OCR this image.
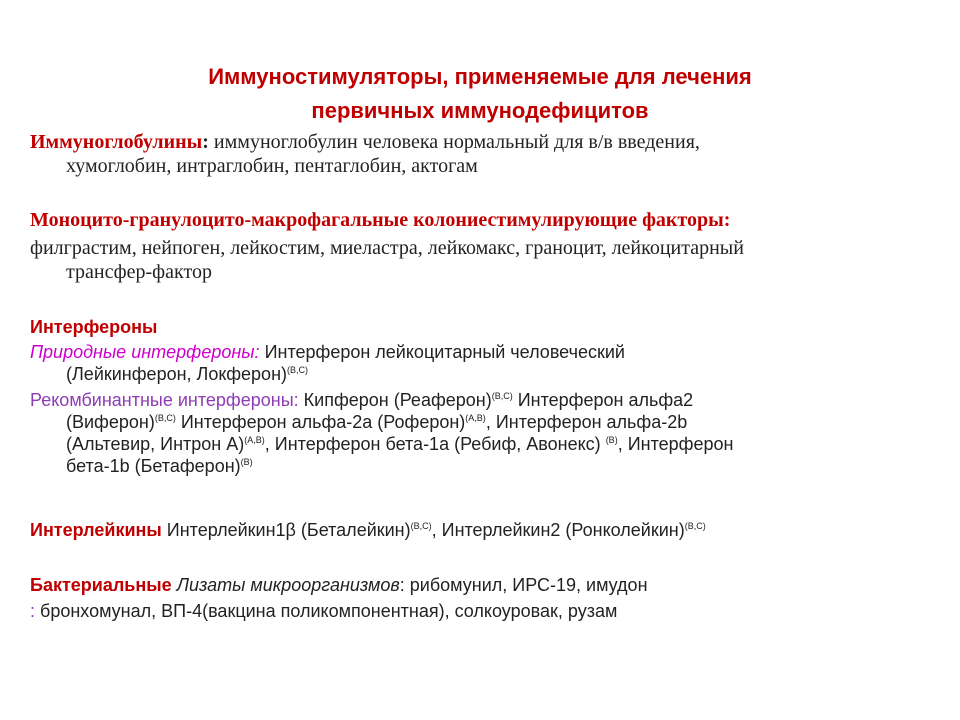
Иммуностимуляторы, применяемые для лечения
первичных иммунодефицитов
Иммуноглобулины: иммуноглобулин человека нормальный для в/в введения,
хумоглобин, интраглобин, пентаглобин, актогам
Моноцито-гранулоцито-макрофагальные колониестимулирующие факторы:
филграстим, нейпоген, лейкостим, миеластра, лейкомакс, граноцит, лейкоцитарный
трансфер-фактор
Интерфероны
Природные интерфероны: Интерферон лейкоцитарный человеческий
(Лейкинферон, Локферон)$^{(B,C)}$
Рекомбинантные интерфероны: Кипферон (Реаферон)$^{(B,C)}$ Интерферон альфа2
(Виферон)$^{(B,C)}$ Интерферон альфа-2а (Роферон)$^{(A,B)}$, Интерферон альфа-2b
(Альтевир, Интрон А)$^{(A,B)}$, Интерферон бета-1а (Ребиф, Авонекс) $^{(B)}$, Интерферон
бета-1b (Бетаферон)$^{(B)}$
Интерлейкины Интерлейкин1β (Беталейкин)$^{(B,C)}$, Интерлейкин2 (Ронколейкин)$^{(B,C)}$
Бактериальные Лизаты микроорганизмов: рибомунил, ИРС-19, имудон
: бронхомунал, ВП-4(вакцина поликомпонентная), солкоуровак, рузам
